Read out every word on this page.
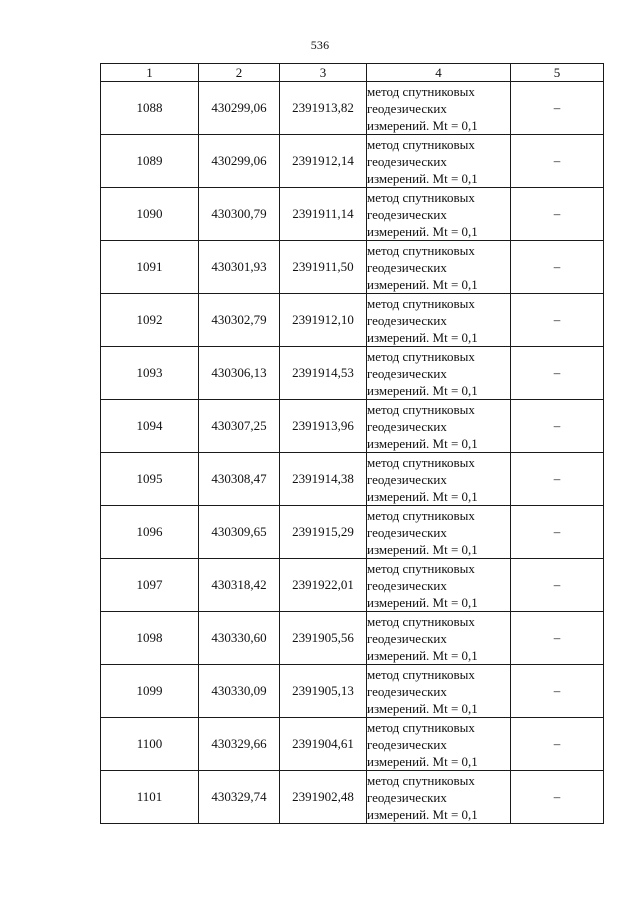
536
1	2	3	4	5
1088	430299,06	2391913,82	метод спутниковых
геодезических
измерений. Mt = 0,1	–
1089	430299,06	2391912,14	метод спутниковых
геодезических
измерений. Mt = 0,1	–
1090	430300,79	2391911,14	метод спутниковых
геодезических
измерений. Mt = 0,1	–
1091	430301,93	2391911,50	метод спутниковых
геодезических
измерений. Mt = 0,1	–
1092	430302,79	2391912,10	метод спутниковых
геодезических
измерений. Mt = 0,1	–
1093	430306,13	2391914,53	метод спутниковых
геодезических
измерений. Mt = 0,1	–
1094	430307,25	2391913,96	метод спутниковых
геодезических
измерений. Mt = 0,1	–
1095	430308,47	2391914,38	метод спутниковых
геодезических
измерений. Mt = 0,1	–
1096	430309,65	2391915,29	метод спутниковых
геодезических
измерений. Mt = 0,1	–
1097	430318,42	2391922,01	метод спутниковых
геодезических
измерений. Mt = 0,1	–
1098	430330,60	2391905,56	метод спутниковых
геодезических
измерений. Mt = 0,1	–
1099	430330,09	2391905,13	метод спутниковых
геодезических
измерений. Mt = 0,1	–
1100	430329,66	2391904,61	метод спутниковых
геодезических
измерений. Mt = 0,1	–
1101	430329,74	2391902,48	метод спутниковых
геодезических
измерений. Mt = 0,1	–
